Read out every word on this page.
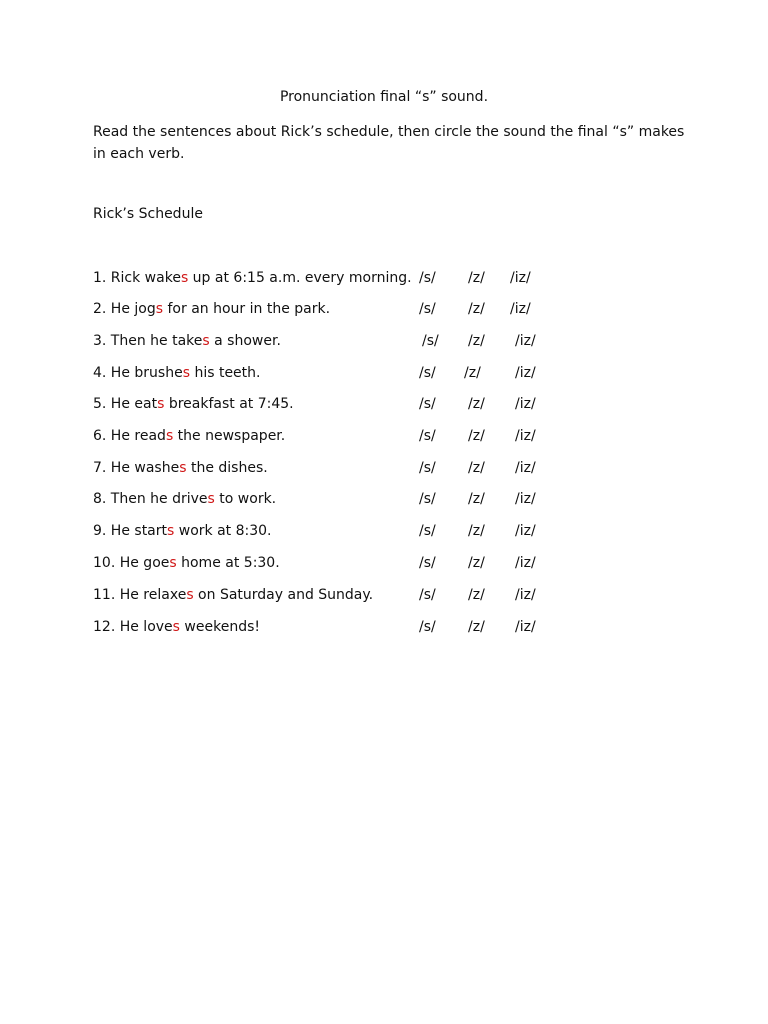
Pronunciation final “s” sound.
Read the sentences about Rick’s schedule, then circle the sound the final “s” makes in each verb.
Rick’s Schedule
1. Rick wakes up at 6:15 a.m. every morning. /s/ /z/ /iz/
2. He jogs for an hour in the park.	/s/ /z/ /iz/
3. Then he takes a shower.	/s/ /z/ /iz/
4. He brushes his teeth.	/s/ /z/ /iz/
5. He eats breakfast at 7:45.	/s/ /z/ /iz/
6. He reads the newspaper.	/s/ /z/ /iz/
7. He washes the dishes.	/s/ /z/ /iz/
8. Then he drives to work.	/s/ /z/ /iz/
9. He starts work at 8:30.	/s/ /z/ /iz/
10. He goes home at 5:30.	/s/ /z/ /iz/
11. He relaxes on Saturday and Sunday.	/s/ /z/ /iz/
12. He loves weekends!	/s/ /z/ /iz/
